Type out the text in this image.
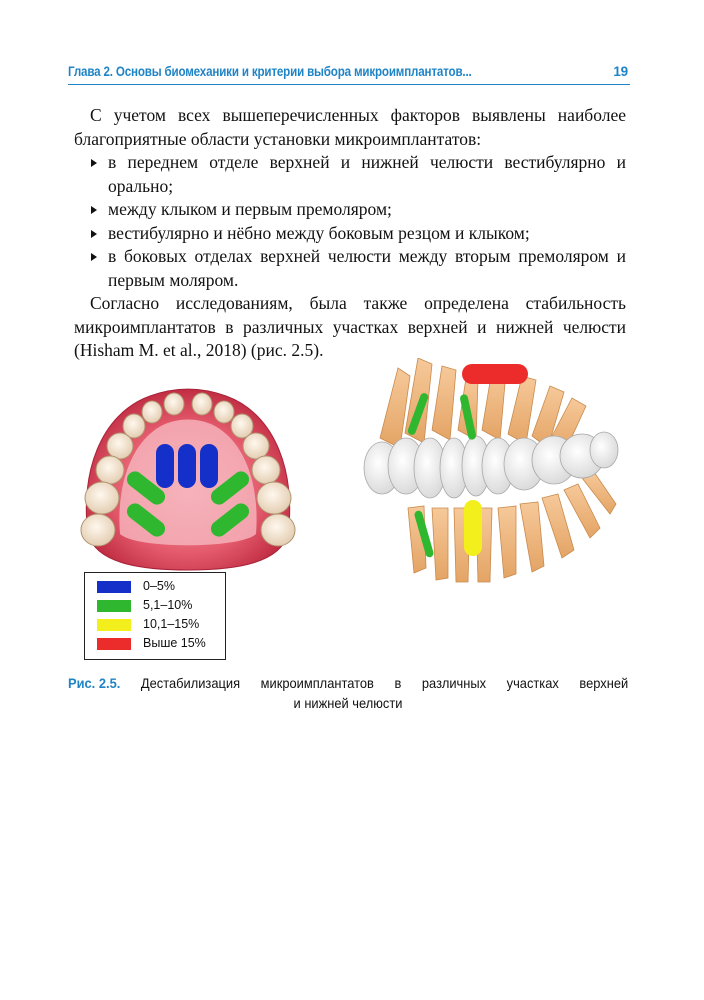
Глава 2. Основы биомеханики и критерии выбора микроимплантатов...	19

С учетом всех вышеперечисленных факторов выявлены наиболее благоприятные области установки микроимплантатов:

в переднем отделе верхней и нижней челюсти вестибулярно и орально;
между клыком и первым премоляром;
вестибулярно и нёбно между боковым резцом и клыком;
в боковых отделах верхней челюсти между вторым премоляром и первым моляром.

Согласно исследованиям, была также определена стабильность микроимплантатов в различных участках верхней и нижней челюсти (Hisham M. et al., 2018) (рис. 2.5).

0–5%
5,1–10%
10,1–15%
Выше 15%
Рис. 2.5. Дестабилизация микроимплантатов в различных участках верхней
и нижней челюсти
